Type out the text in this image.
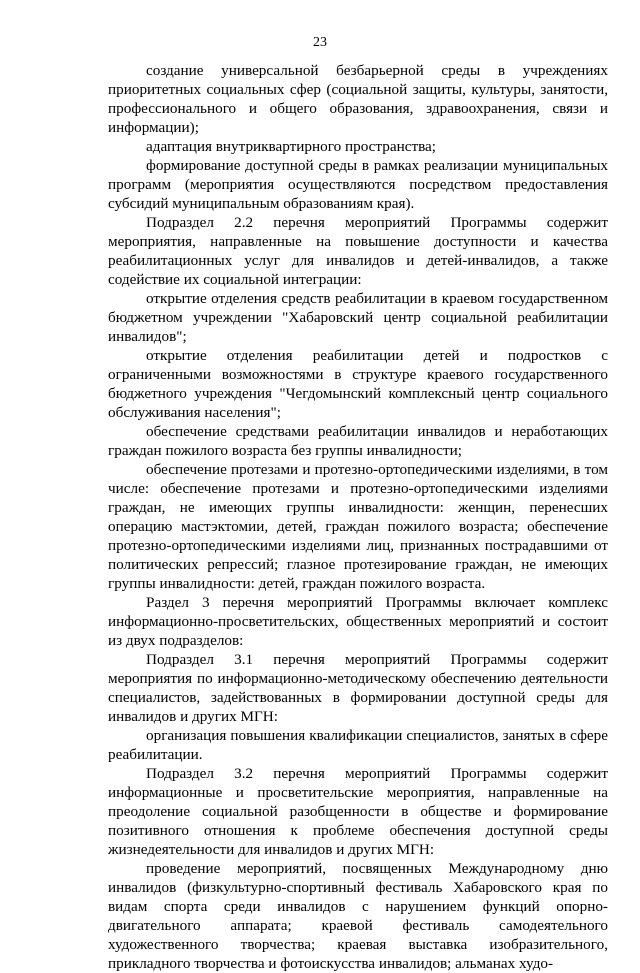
23

создание универсальной безбарьерной среды в учреждениях приоритетных социальных сфер (социальной защиты, культуры, занятости, профессионального и общего образования, здравоохранения, связи и информации);

адаптация внутриквартирного пространства;

формирование доступной среды в рамках реализации муниципальных программ (мероприятия осуществляются посредством предоставления субсидий муниципальным образованиям края).

Подраздел 2.2 перечня мероприятий Программы содержит мероприятия, направленные на повышение доступности и качества реабилитационных услуг для инвалидов и детей-инвалидов, а также содействие их социальной интеграции:

открытие отделения средств реабилитации в краевом государственном бюджетном учреждении "Хабаровский центр социальной реабилитации инвалидов";

открытие отделения реабилитации детей и подростков с ограниченными возможностями в структуре краевого государственного бюджетного учреждения "Чегдомынский комплексный центр социального обслуживания населения";

обеспечение средствами реабилитации инвалидов и неработающих граждан пожилого возраста без группы инвалидности;

обеспечение протезами и протезно-ортопедическими изделиями, в том числе: обеспечение протезами и протезно-ортопедическими изделиями граждан, не имеющих группы инвалидности: женщин, перенесших операцию мастэктомии, детей, граждан пожилого возраста; обеспечение протезно-ортопедическими изделиями лиц, признанных пострадавшими от политических репрессий; глазное протезирование граждан, не имеющих группы инвалидности: детей, граждан пожилого возраста.

Раздел 3 перечня мероприятий Программы включает комплекс информационно-просветительских, общественных мероприятий и состоит из двух подразделов:

Подраздел 3.1 перечня мероприятий Программы содержит мероприятия по информационно-методическому обеспечению деятельности специалистов, задействованных в формировании доступной среды для инвалидов и других МГН:

организация повышения квалификации специалистов, занятых в сфере реабилитации.

Подраздел 3.2 перечня мероприятий Программы содержит информационные и просветительские мероприятия, направленные на преодоление социальной разобщенности в обществе и формирование позитивного отношения к проблеме обеспечения доступной среды жизнедеятельности для инвалидов и других МГН:

проведение мероприятий, посвященных Международному дню инвалидов (физкультурно-спортивный фестиваль Хабаровского края по видам спорта среди инвалидов с нарушением функций опорно-двигательного аппарата; краевой фестиваль самодеятельного художественного творчества; краевая выставка изобразительного, прикладного творчества и фотоискусства инвалидов; альманах худо-
